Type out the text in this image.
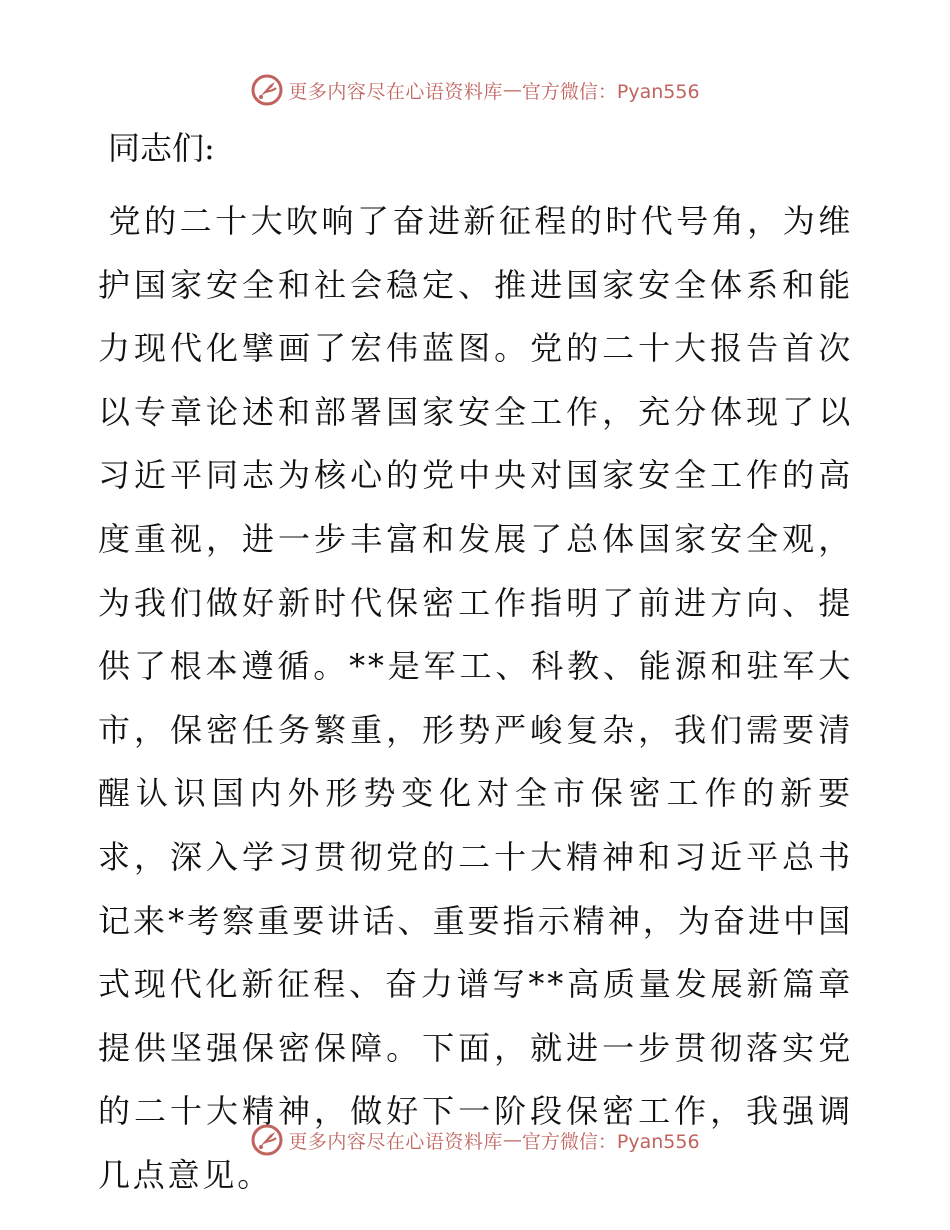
更多内容尽在心语资料库 — 官方微信：Pyan556
同志们:
党的二十大吹响了奋进新征程的时代号角，为维护国家安全和社会稳定、推进国家安全体系和能力现代化擘画了宏伟蓝图。党的二十大报告首次以专章论述和部署国家安全工作，充分体现了以习近平同志为核心的党中央对国家安全工作的高度重视，进一步丰富和发展了总体国家安全观，为我们做好新时代保密工作指明了前进方向、提供了根本遵循。**是军工、科教、能源和驻军大市，保密任务繁重，形势严峻复杂，我们需要清醒认识国内外形势变化对全市保密工作的新要求，深入学习贯彻党的二十大精神和习近平总书记来*考察重要讲话、重要指示精神，为奋进中国式现代化新征程、奋力谱写**高质量发展新篇章提供坚强保密保障。下面，就进一步贯彻落实党的二十大精神，做好下一阶段保密工作，我强调几点意见。
更多内容尽在心语资料库 — 官方微信：Pyan556
